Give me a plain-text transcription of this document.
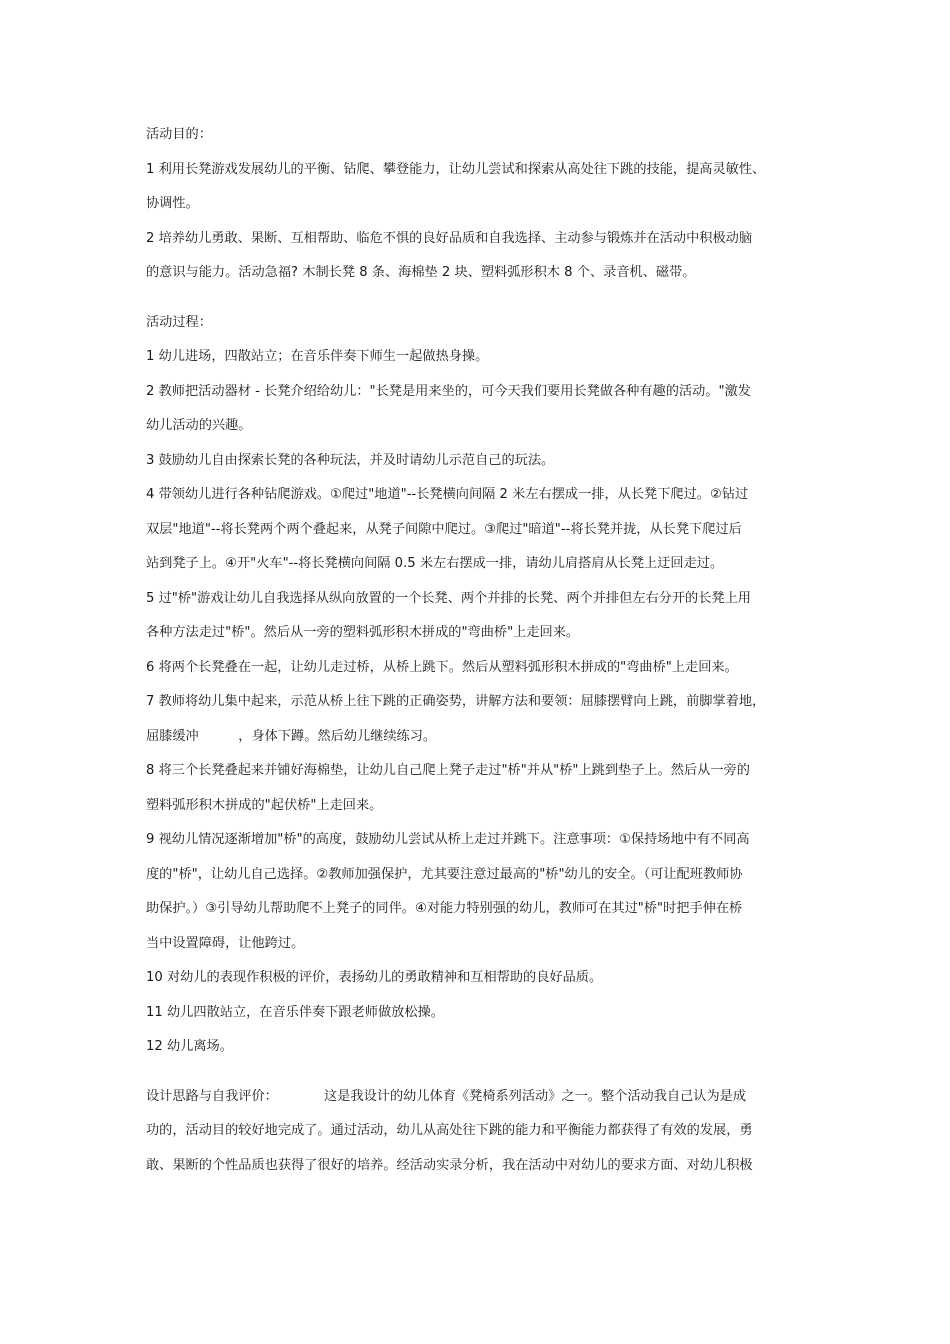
活动目的：
1 利用长凳游戏发展幼儿的平衡、钻爬、攀登能力，让幼儿尝试和探索从高处往下跳的技能，提高灵敏性、
协调性。
2 培养幼儿勇敢、果断、互相帮助、临危不惧的良好品质和自我选择、主动参与锻炼并在活动中积极动脑
的意识与能力。活动急福? 木制长凳 8 条、海棉垫 2 块、塑料弧形积木 8 个、录音机、磁带。
活动过程：
1 幼儿进场，四散站立；在音乐伴奏下师生一起做热身操。
2 教师把活动器材 - 长凳介绍给幼儿："长凳是用来坐的，可今天我们要用长凳做各种有趣的活动。"激发
幼儿活动的兴趣。
3 鼓励幼儿自由探索长凳的各种玩法，并及时请幼儿示范自己的玩法。
4 带领幼儿进行各种钻爬游戏。①爬过"地道"--长凳横向间隔 2 米左右摆成一排，从长凳下爬过。②钻过
双层"地道"--将长凳两个两个叠起来，从凳子间隙中爬过。③爬过"暗道"--将长凳并拢，从长凳下爬过后
站到凳子上。④开"火车"--将长凳横向间隔 0.5 米左右摆成一排，请幼儿肩搭肩从长凳上迂回走过。
5 过"桥"游戏让幼儿自我选择从纵向放置的一个长凳、两个并排的长凳、两个并排但左右分开的长凳上用
各种方法走过"桥"。然后从一旁的塑料弧形积木拼成的"弯曲桥"上走回来。
6 将两个长凳叠在一起，让幼儿走过桥，从桥上跳下。然后从塑料弧形积木拼成的"弯曲桥"上走回来。
7 教师将幼儿集中起来，示范从桥上往下跳的正确姿势，讲解方法和要领：屈膝摆臂向上跳，前脚掌着地，
屈膝缓冲　　　，身体下蹲。然后幼儿继续练习。
8 将三个长凳叠起来并铺好海棉垫，让幼儿自己爬上凳子走过"桥"并从"桥"上跳到垫子上。然后从一旁的
塑料弧形积木拼成的"起伏桥"上走回来。
9 视幼儿情况逐渐增加"桥"的高度，鼓励幼儿尝试从桥上走过并跳下。注意事项：①保持场地中有不同高
度的"桥"，让幼儿自己选择。②教师加强保护，尤其要注意过最高的"桥"幼儿的安全。（可让配班教师协
助保护。）③引导幼儿帮助爬不上凳子的同伴。④对能力特别强的幼儿，教师可在其过"桥"时把手伸在桥
当中设置障碍，让他跨过。
10 对幼儿的表现作积极的评价，表扬幼儿的勇敢精神和互相帮助的良好品质。
11 幼儿四散站立，在音乐伴奏下跟老师做放松操。
12 幼儿离场。
设计思路与自我评价：　　　　这是我设计的幼儿体育《凳椅系列活动》之一。整个活动我自己认为是成
功的，活动目的较好地完成了。通过活动，幼儿从高处往下跳的能力和平衡能力都获得了有效的发展，勇
敢、果断的个性品质也获得了很好的培养。经活动实录分析，我在活动中对幼儿的要求方面、对幼儿积极
